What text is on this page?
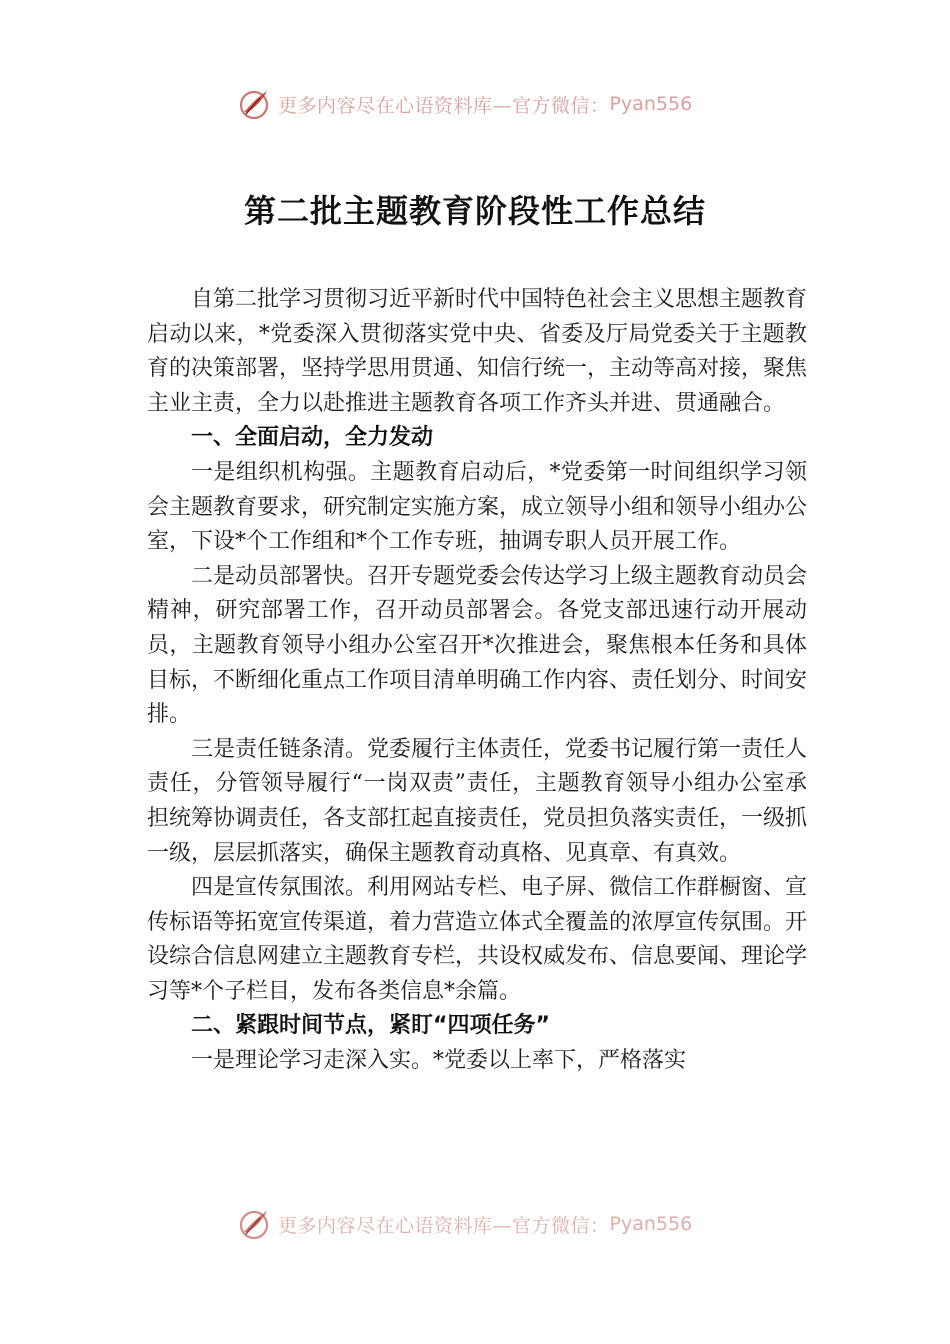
更多内容尽在心语资料库—官方微信： Pyan556
第二批主题教育阶段性工作总结

自第二批学习贯彻习近平新时代中国特色社会主义思想主题教育启动以来，*党委深入贯彻落实党中央、省委及厅局党委关于主题教育的决策部署，坚持学思用贯通、知信行统一，主动等高对接，聚焦主业主责，全力以赴推进主题教育各项工作齐头并进、贯通融合。

一、全面启动，全力发动

一是组织机构强。主题教育启动后，*党委第一时间组织学习领会主题教育要求，研究制定实施方案，成立领导小组和领导小组办公室，下设*个工作组和*个工作专班，抽调专职人员开展工作。

二是动员部署快。召开专题党委会传达学习上级主题教育动员会精神，研究部署工作，召开动员部署会。各党支部迅速行动开展动员，主题教育领导小组办公室召开*次推进会，聚焦根本任务和具体目标，不断细化重点工作项目清单明确工作内容、责任划分、时间安排。

三是责任链条清。党委履行主体责任，党委书记履行第一责任人责任，分管领导履行“一岗双责”责任，主题教育领导小组办公室承担统筹协调责任，各支部扛起直接责任，党员担负落实责任，一级抓一级，层层抓落实，确保主题教育动真格、见真章、有真效。

四是宣传氛围浓。利用网站专栏、电子屏、微信工作群橱窗、宣传标语等拓宽宣传渠道，着力营造立体式全覆盖的浓厚宣传氛围。开设综合信息网建立主题教育专栏，共设权威发布、信息要闻、理论学习等*个子栏目，发布各类信息*余篇。

二、紧跟时间节点，紧盯“四项任务”

一是理论学习走深入实。*党委以上率下，严格落实

更多内容尽在心语资料库—官方微信： Pyan556
